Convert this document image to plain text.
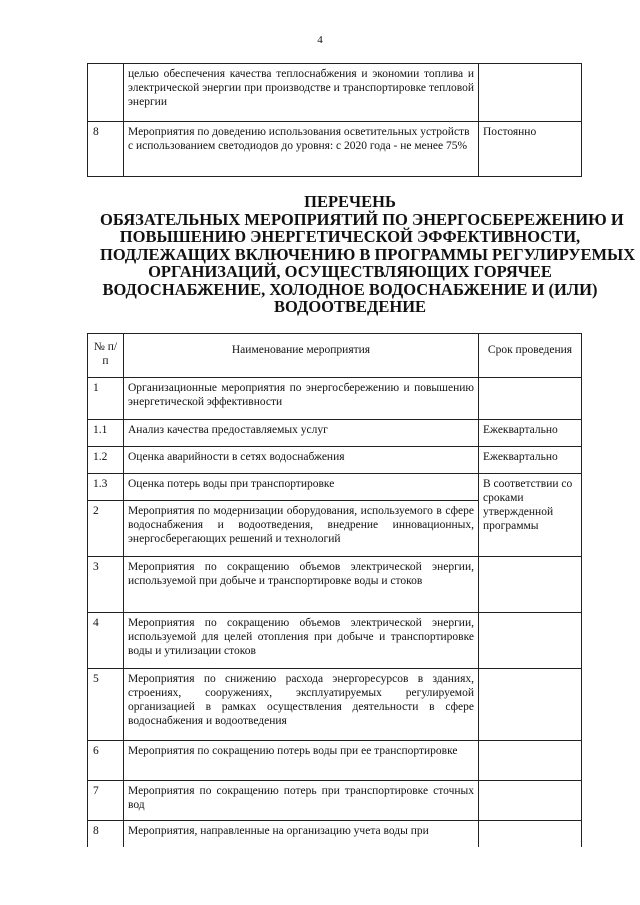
4
	целью обеспечения качества теплоснабжения и экономии топлива и электрической энергии при производстве и транспортировке тепловой энергии	
8	Мероприятия по доведению использования осветительных устройств с использованием светодиодов до уровня: с 2020 года - не менее 75%	Постоянно
ПЕРЕЧЕНЬ
ОБЯЗАТЕЛЬНЫХ МЕРОПРИЯТИЙ ПО ЭНЕРГОСБЕРЕЖЕНИЮ И
ПОВЫШЕНИЮ ЭНЕРГЕТИЧЕСКОЙ ЭФФЕКТИВНОСТИ,
ПОДЛЕЖАЩИХ ВКЛЮЧЕНИЮ В ПРОГРАММЫ РЕГУЛИРУЕМЫХ
ОРГАНИЗАЦИЙ, ОСУЩЕСТВЛЯЮЩИХ ГОРЯЧЕЕ
ВОДОСНАБЖЕНИЕ, ХОЛОДНОЕ ВОДОСНАБЖЕНИЕ И (ИЛИ)
ВОДООТВЕДЕНИЕ
№ п/п	Наименование мероприятия	Срок проведения
1	Организационные мероприятия по энергосбережению и повышению энергетической эффективности	
1.1	Анализ качества предоставляемых услуг	Ежеквартально
1.2	Оценка аварийности в сетях водоснабжения	Ежеквартально
1.3	Оценка потерь воды при транспортировке	В соответствии со сроками утвержденной программы
2	Мероприятия по модернизации оборудования, используемого в сфере водоснабжения и водоотведения, внедрение инновационных, энергосберегающих решений и технологий	
3	Мероприятия по сокращению объемов электрической энергии, используемой при добыче и транспортировке воды и стоков	
4	Мероприятия по сокращению объемов электрической энергии, используемой для целей отопления при добыче и транспортировке воды и утилизации стоков	
5	Мероприятия по снижению расхода энергоресурсов в зданиях, строениях, сооружениях, эксплуатируемых регулируемой организацией в рамках осуществления деятельности в сфере водоснабжения и водоотведения	
6	Мероприятия по сокращению потерь воды при ее транспортировке	
7	Мероприятия по сокращению потерь при транспортировке сточных вод	
8	Мероприятия, направленные на организацию учета воды при	
